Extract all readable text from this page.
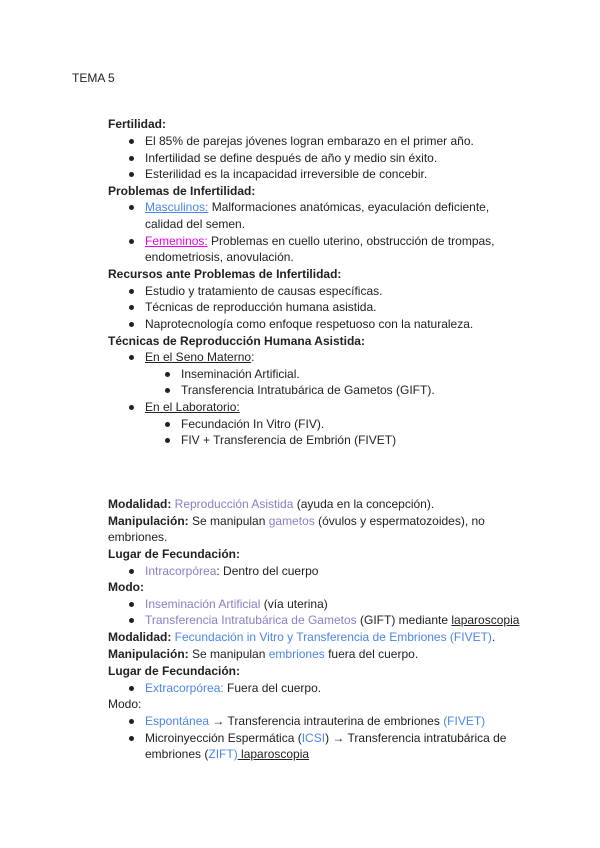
TEMA 5
Fertilidad:
El 85% de parejas jóvenes logran embarazo en el primer año.
Infertilidad se define después de año y medio sin éxito.
Esterilidad es la incapacidad irreversible de concebir.
Problemas de Infertilidad:
Masculinos: Malformaciones anatómicas, eyaculación deficiente,
calidad del semen.
Femeninos: Problemas en cuello uterino, obstrucción de trompas,
endometriosis, anovulación.
Recursos ante Problemas de Infertilidad:
Estudio y tratamiento de causas específicas.
Técnicas de reproducción humana asistida.
Naprotecnología como enfoque respetuoso con la naturaleza.
Técnicas de Reproducción Humana Asistida:
En el Seno Materno:
Inseminación Artificial.
Transferencia Intratubárica de Gametos (GIFT).
En el Laboratorio:
Fecundación In Vitro (FIV).
FIV + Transferencia de Embrión (FIVET)
Modalidad: Reproducción Asistida (ayuda en la concepción).
Manipulación: Se manipulan gametos (óvulos y espermatozoides), no
embriones.
Lugar de Fecundación:
Intracorpórea: Dentro del cuerpo
Modo:
Inseminación Artificial (vía uterina)
Transferencia Intratubárica de Gametos (GIFT) mediante laparoscopia
Modalidad: Fecundación in Vitro y Transferencia de Embriones (FIVET).
Manipulación: Se manipulan embriones fuera del cuerpo.
Lugar de Fecundación:
Extracorpórea: Fuera del cuerpo.
Modo:
Espontánea → Transferencia intrauterina de embriones (FIVET)
Microinyección Espermática (ICSI) → Transferencia intratubárica de
embriones (ZIFT) laparoscopia
